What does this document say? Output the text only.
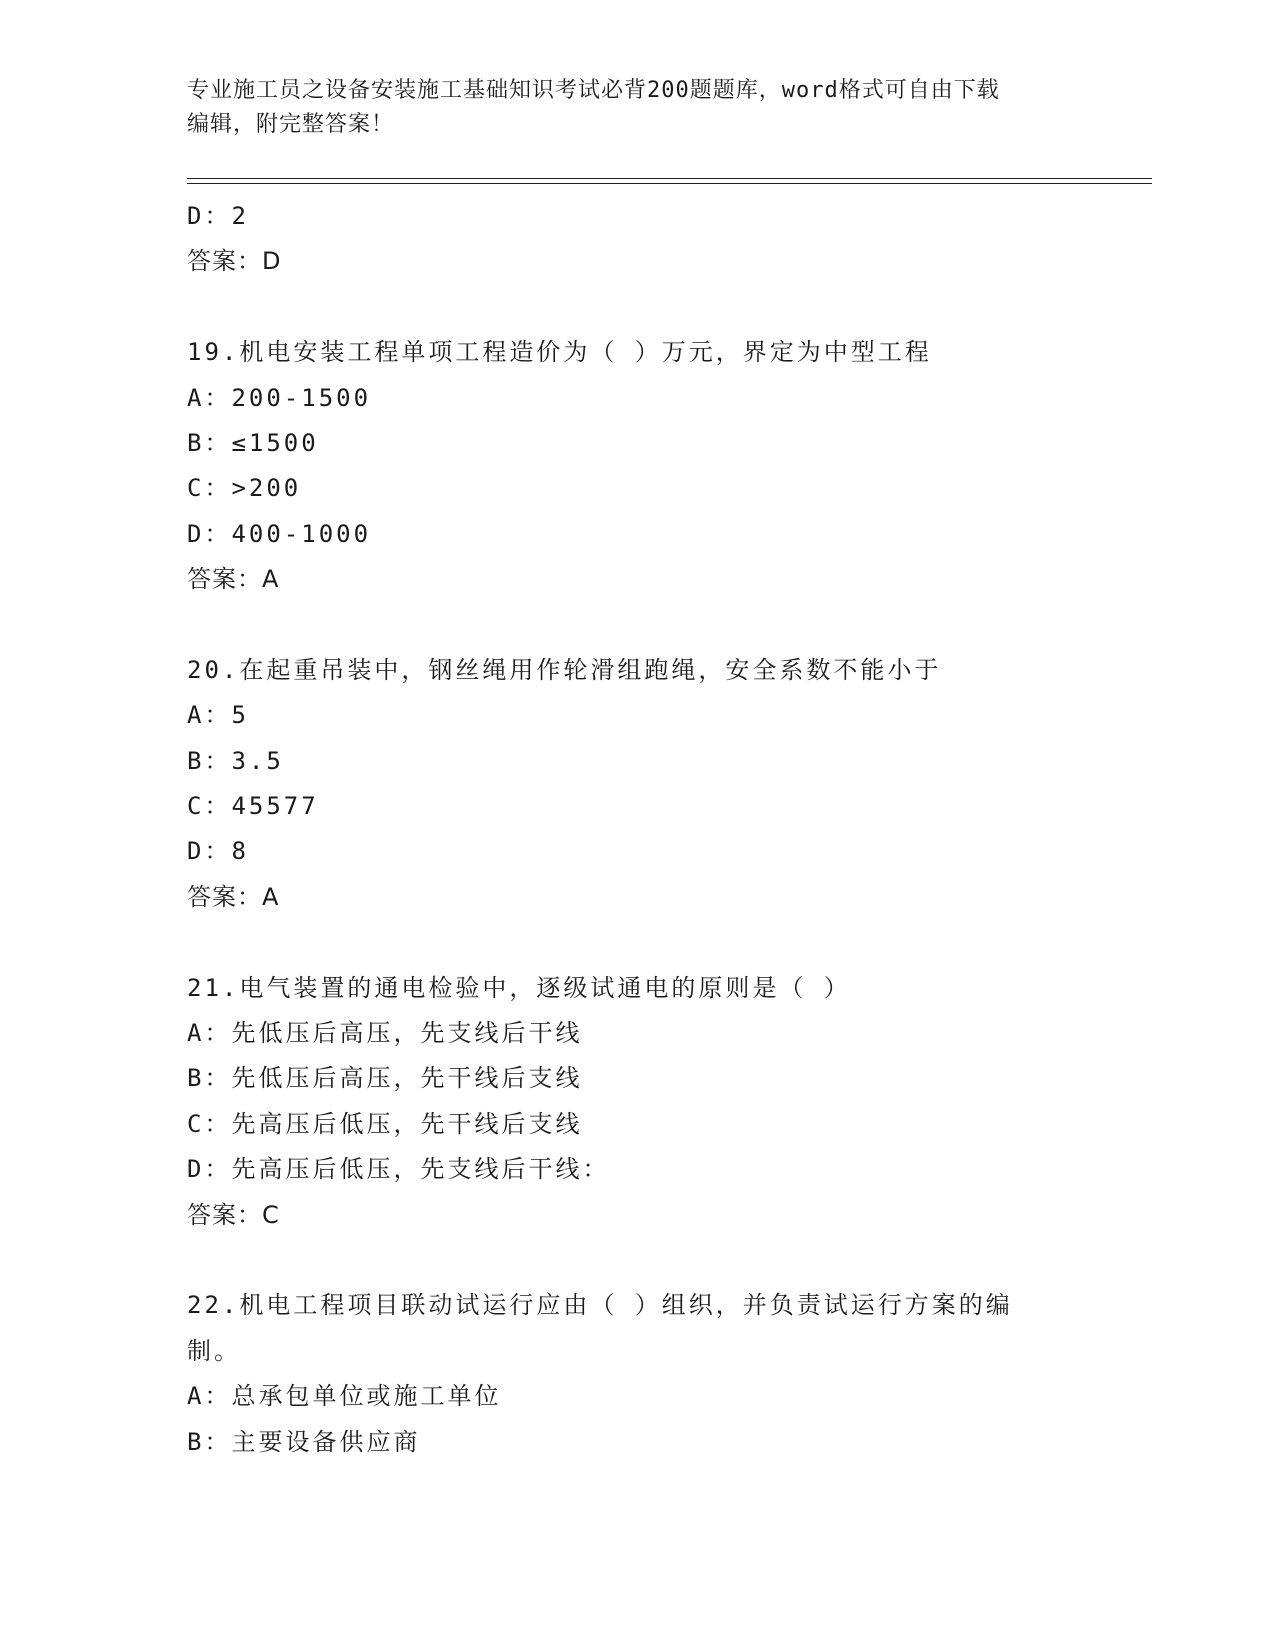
专业施工员之设备安装施工基础知识考试必背200题题库，word格式可自由下载
编辑，附完整答案！
D：2
答案：D
19.机电安装工程单项工程造价为（ ）万元，界定为中型工程
A：200-1500
B：≤1500
C：>200
D：400-1000
答案：A
20.在起重吊装中，钢丝绳用作轮滑组跑绳，安全系数不能小于
A：5
B：3.5
C：45577
D：8
答案：A
21.电气装置的通电检验中，逐级试通电的原则是（ ）
A：先低压后高压，先支线后干线
B：先低压后高压，先干线后支线
C：先高压后低压，先干线后支线
D：先高压后低压，先支线后干线：
答案：C
22.机电工程项目联动试运行应由（ ）组织，并负责试运行方案的编
制。
A：总承包单位或施工单位
B：主要设备供应商
